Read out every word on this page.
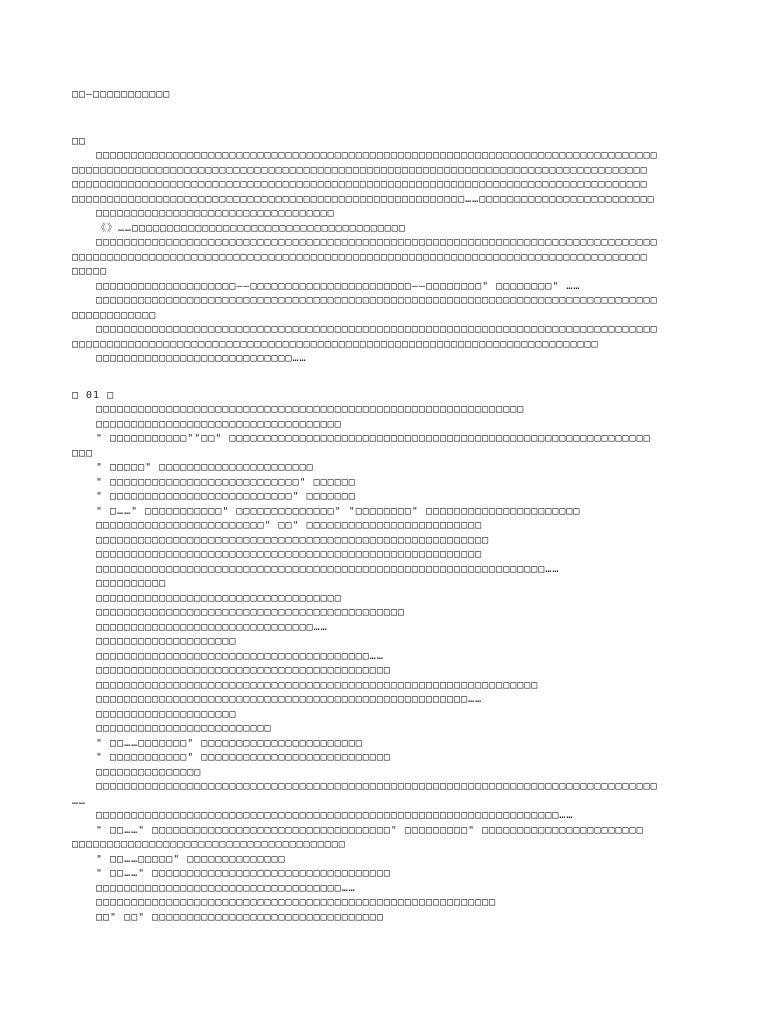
□□—□□□□□□□□□□□

□□

□□□□□□□□□□□□□□□□□□□□□□□□□□□□□□□□□□□□□□□□□□□□□□□□□□□□□□□□□□□□□□□□□□□□□□□□□□□□□□□□

□□□□□□□□□□□□□□□□□□□□□□□□□□□□□□□□□□□□□□□□□□□□□□□□□□□□□□□□□□□□□□□□□□□□□□□□□□□□□□□□□□

□□□□□□□□□□□□□□□□□□□□□□□□□□□□□□□□□□□□□□□□□□□□□□□□□□□□□□□□□□□□□□□□□□□□□□□□□□□□□□□□□□

□□□□□□□□□□□□□□□□□□□□□□□□□□□□□□□□□□□□□□□□□□□□□□□□□□□□□□□□……□□□□□□□□□□□□□□□□□□□□□□□□□

□□□□□□□□□□□□□□□□□□□□□□□□□□□□□□□□□□

《》……□□□□□□□□□□□□□□□□□□□□□□□□□□□□□□□□□□□□□□□

□□□□□□□□□□□□□□□□□□□□□□□□□□□□□□□□□□□□□□□□□□□□□□□□□□□□□□□□□□□□□□□□□□□□□□□□□□□□□□□□

□□□□□□□□□□□□□□□□□□□□□□□□□□□□□□□□□□□□□□□□□□□□□□□□□□□□□□□□□□□□□□□□□□□□□□□□□□□□□□□□□□

□□□□□

□□□□□□□□□□□□□□□□□□□□——□□□□□□□□□□□□□□□□□□□□□□□——□□□□□□□□" □□□□□□□□" ……

□□□□□□□□□□□□□□□□□□□□□□□□□□□□□□□□□□□□□□□□□□□□□□□□□□□□□□□□□□□□□□□□□□□□□□□□□□□□□□□□

□□□□□□□□□□□□

□□□□□□□□□□□□□□□□□□□□□□□□□□□□□□□□□□□□□□□□□□□□□□□□□□□□□□□□□□□□□□□□□□□□□□□□□□□□□□□□

□□□□□□□□□□□□□□□□□□□□□□□□□□□□□□□□□□□□□□□□□□□□□□□□□□□□□□□□□□□□□□□□□□□□□□□□□□□

□□□□□□□□□□□□□□□□□□□□□□□□□□□□……

□ 01 □

□□□□□□□□□□□□□□□□□□□□□□□□□□□□□□□□□□□□□□□□□□□□□□□□□□□□□□□□□□□□□

□□□□□□□□□□□□□□□□□□□□□□□□□□□□□□□□□□□

" □□□□□□□□□□□""□□" □□□□□□□□□□□□□□□□□□□□□□□□□□□□□□□□□□□□□□□□□□□□□□□□□□□□□□□□□□□□

□□□

" □□□□□" □□□□□□□□□□□□□□□□□□□□□□

" □□□□□□□□□□□□□□□□□□□□□□□□□□□" □□□□□□

" □□□□□□□□□□□□□□□□□□□□□□□□□□" □□□□□□□

" □……" □□□□□□□□□□□" □□□□□□□□□□□□□□" "□□□□□□□□" □□□□□□□□□□□□□□□□□□□□□□

□□□□□□□□□□□□□□□□□□□□□□□□" □□" □□□□□□□□□□□□□□□□□□□□□□□□□

□□□□□□□□□□□□□□□□□□□□□□□□□□□□□□□□□□□□□□□□□□□□□□□□□□□□□□□□

□□□□□□□□□□□□□□□□□□□□□□□□□□□□□□□□□□□□□□□□□□□□□□□□□□□□□□□

□□□□□□□□□□□□□□□□□□□□□□□□□□□□□□□□□□□□□□□□□□□□□□□□□□□□□□□□□□□□□□□□……

□□□□□□□□□□

□□□□□□□□□□□□□□□□□□□□□□□□□□□□□□□□□□□

□□□□□□□□□□□□□□□□□□□□□□□□□□□□□□□□□□□□□□□□□□□□

□□□□□□□□□□□□□□□□□□□□□□□□□□□□□□□……

□□□□□□□□□□□□□□□□□□□□

□□□□□□□□□□□□□□□□□□□□□□□□□□□□□□□□□□□□□□□……

□□□□□□□□□□□□□□□□□□□□□□□□□□□□□□□□□□□□□□□□□□

□□□□□□□□□□□□□□□□□□□□□□□□□□□□□□□□□□□□□□□□□□□□□□□□□□□□□□□□□□□□□□□

□□□□□□□□□□□□□□□□□□□□□□□□□□□□□□□□□□□□□□□□□□□□□□□□□□□□□……

□□□□□□□□□□□□□□□□□□□□

□□□□□□□□□□□□□□□□□□□□□□□□□

" □□……□□□□□□□" □□□□□□□□□□□□□□□□□□□□□□□

" □□□□□□□□□□□" □□□□□□□□□□□□□□□□□□□□□□□□□□□

□□□□□□□□□□□□□□□

□□□□□□□□□□□□□□□□□□□□□□□□□□□□□□□□□□□□□□□□□□□□□□□□□□□□□□□□□□□□□□□□□□□□□□□□□□□□□□□□

……

□□□□□□□□□□□□□□□□□□□□□□□□□□□□□□□□□□□□□□□□□□□□□□□□□□□□□□□□□□□□□□□□□□……

" □□……" □□□□□□□□□□□□□□□□□□□□□□□□□□□□□□□□□□" □□□□□□□□□" □□□□□□□□□□□□□□□□□□□□□□□

□□□□□□□□□□□□□□□□□□□□□□□□□□□□□□□□□□□□□□□

" □□……□□□□□" □□□□□□□□□□□□□□

" □□……" □□□□□□□□□□□□□□□□□□□□□□□□□□□□□□□□□□

□□□□□□□□□□□□□□□□□□□□□□□□□□□□□□□□□□□……

□□□□□□□□□□□□□□□□□□□□□□□□□□□□□□□□□□□□□□□□□□□□□□□□□□□□□□□□□

□□" □□" □□□□□□□□□□□□□□□□□□□□□□□□□□□□□□□□□
